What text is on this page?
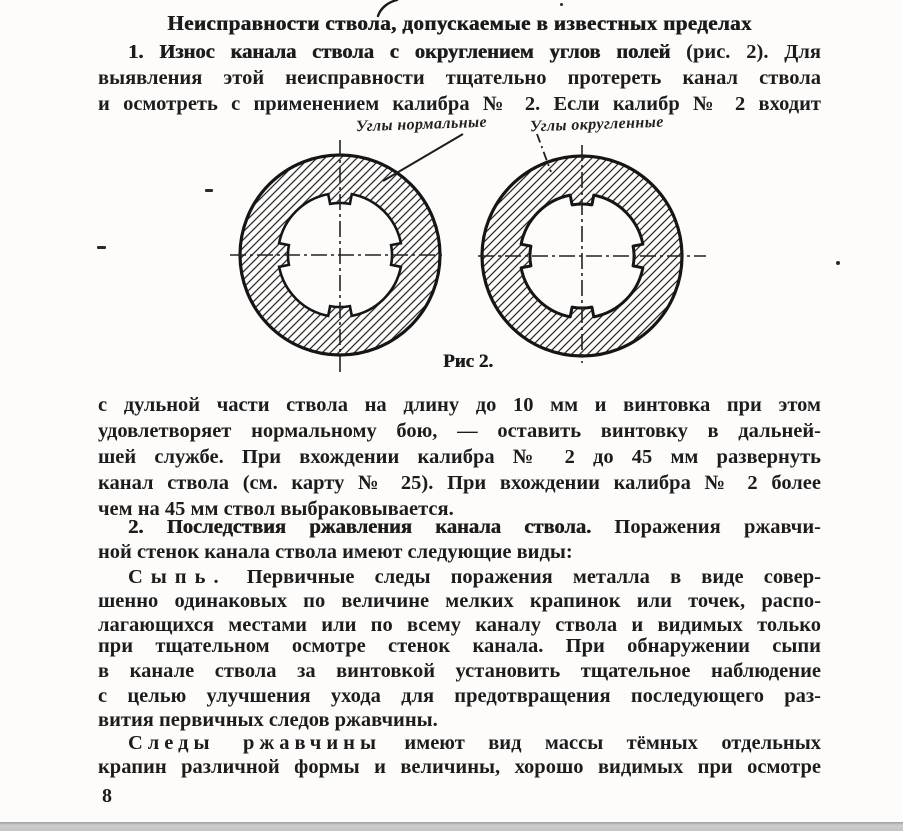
Неисправности ствола, допускаемые в известных пределах
1. Износ канала ствола с округлением углов полей (рис. 2). Для
выявления этой неисправности тщательно протереть канал ствола
и осмотреть с применением калибра № 2. Если калибр № 2 входит
с дульной части ствола на длину до 10 мм и винтовка при этом
удовлетворяет нормальному бою, — оставить винтовку в дальней-
шей службе. При вхождении калибра № 2 до 45 мм развернуть
канал ствола (см. карту № 25). При вхождении калибра № 2 более
чем на 45 мм ствол выбраковывается.
2. Последствия ржавления канала ствола. Поражения ржавчи-
ной стенок канала ствола имеют следующие виды:
Сыпь. Первичные следы поражения металла в виде совер-
шенно одинаковых по величине мелких крапинок или точек, распо-
лагающихся местами или по всему каналу ствола и видимых только
при тщательном осмотре стенок канала. При обнаружении сыпи
в канале ствола за винтовкой установить тщательное наблюдение
с целью улучшения ухода для предотвращения последующего раз-
вития первичных следов ржавчины.
Следы ржавчины имеют вид массы тёмных отдельных
крапин различной формы и величины, хорошо видимых при осмотре
Углы нормальные	Углы округленные
Рис 2.
8
